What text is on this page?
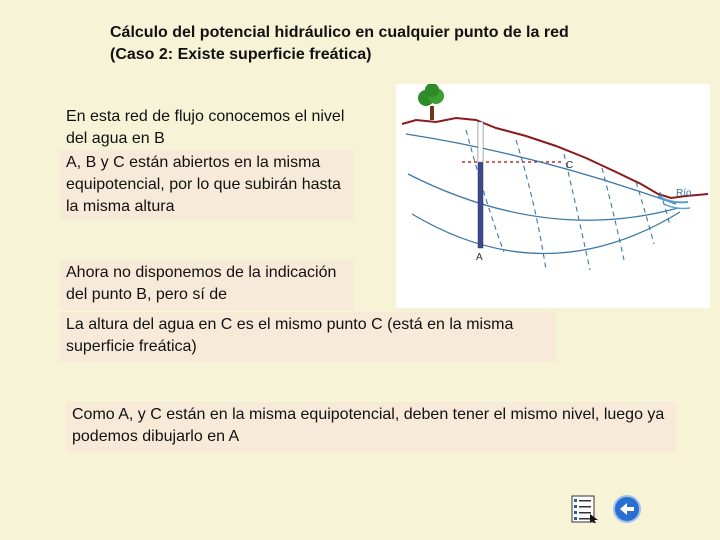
Cálculo del potencial hidráulico en cualquier punto de la red
(Caso 2: Existe superficie freática)
En esta red de flujo conocemos el nivel del agua en B
A, B y C están abiertos en la misma equipotencial, por lo que subirán hasta la misma altura
Ahora no disponemos de la indicación del punto B, pero sí de
La altura del agua en C es el mismo punto C (está en la misma superficie freática)
Como A, y C están en la misma equipotencial, deben tener el mismo nivel, luego ya podemos dibujarlo en A
C
A
Río
